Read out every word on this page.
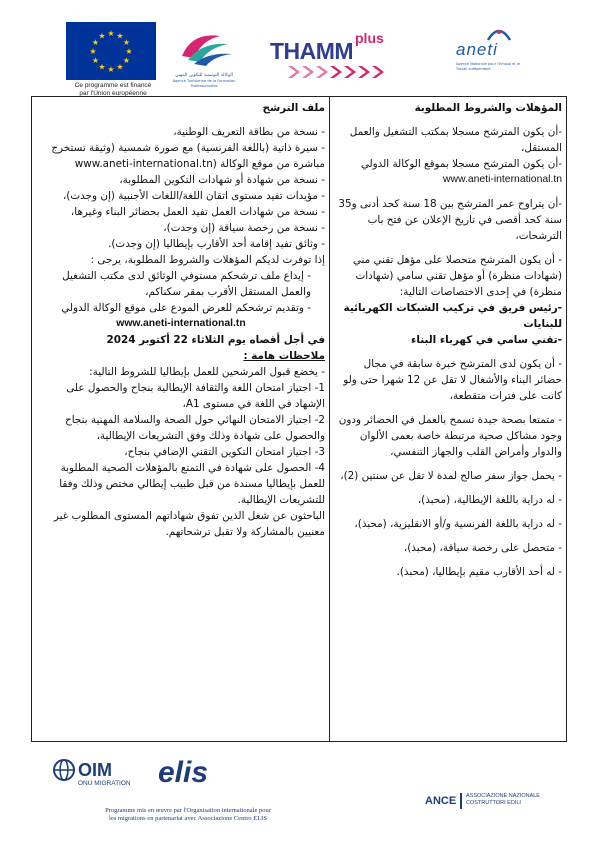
★ ★
★
★
★
★
★
★
★
★
★
★
Ce programme est financé
par l'Union européenne
الوكالة التونسية للتكوين المهني
Agence Tunisienne de la Formation Professionnelle
THAMM plus
aneti
Agence Nationale pour l'Emploi et le Travail Indépendant
المؤهلات والشروط المطلوبة
-أن يكون المترشح مسجلا بمكتب التشغيل والعمل المستقل،
-أن يكون المترشح مسجلا بموقع الوكالة الدولي
www.aneti-international.tn
-أن يتراوح عمر المترشح بين 18 سنة كحد أدنى و35 سنة كحد أقصى في تاريخ الإعلان عن فتح باب الترشحات،
- أن يكون المترشح متحصلا على مؤهل تقني مني (شهادات منظرة) أو مؤهل تقني سامي (شهادات منظرة) في إحدى الاختصاصات التالية:
-رئيس فريق في تركيب الشبكات الكهربائية للبنايات
-تقني سامي في كهرباء البناء
- أن يكون لدى المترشح خبرة سابقة في مجال حضائر البناء والأشغال لا تقل عن 12 شهرا حتى ولو كانت على فترات متقطعة،
- متمتعا بصحة جيدة تسمح بالعمل في الحضائر ودون وجود مشاكل صحية مرتبطة خاصة بعمى الألوان والدوار وأمراض القلب والجهاز التنفسي،
- يحمل جواز سفر صالح لمدة لا تقل عن سنتين (2)،
- له دراية باللغة الإيطالية، (محبذ)،
- له دراية باللغة الفرنسية و/أو الانقليزية، (محبذ)،
- متحصل على رخصة سياقة، (محبذ)،
- له أحد الأقارب مقيم بإيطاليا، (محبذ).
ملف الترشح
- نسخة من بطاقة التعريف الوطنية،
- سيرة ذاتية (باللغة الفرنسية) مع صورة شمسية (وثيقة تستخرج مباشرة من موقع الوكالة (www.aneti-international.tn
- نسخة من شهادة أو شهادات التكوين المطلوبة،
- مؤيدات تفيد مستوى اتقان اللغة/اللغات الأجنبية (إن وجدت)،
- نسخة من شهادات العمل تفيد العمل بحضائر البناء وغيرها،
- نسخة من رخصة سياقة (إن وجدت)،
- وثائق تفيد إقامة أحد الأقارب بإيطاليا (إن وجدت).
إذا توفرت لديكم المؤهلات والشروط المطلوبة، يرجى :
- إيداع ملف ترشحكم مستوفي الوثائق لدى مكتب التشغيل والعمل المستقل الأقرب بمقر سكناكم،
- وتقديم ترشحكم للعرض المودع على موقع الوكالة الدولي
www.aneti-international.tn
في أجل أقصاه يوم الثلاثاء 22 أكتوبر 2024
ملاحظات هامة :
- يخضع قبول المرشحين للعمل بإيطاليا للشروط التالية:
1- اجتياز امتحان اللغة والثقافة الإيطالية بنجاح والحصول على الإشهاد في اللغة في مستوى A1،
2- اجتياز الامتحان النهائي حول الصحة والسلامة المهنية بنجاح والحصول على شهادة وذلك وفق التشريعات الإيطالية،
3- اجتياز امتحان التكوين التقني الإضافي بنجاح،
4- الحصول على شهادة في التمتع بالمؤهلات الصحية المطلوبة للعمل بإيطاليا مسندة من قبل طبيب إيطالي مختص وذلك وفقا للتشريعات الإيطالية.
الباحثون عن شغل الذين تفوق شهاداتهم المستوى المطلوب غير معنيين بالمشاركة ولا تقبل ترشحاتهم.
OIM
ONU MIGRATION elis
Programme mis en œuvre par l'Organisation internationale pour
les migrations en partenariat avec Associazione Centro ELIS
ANCE ASSOCIAZIONE NAZIONALE
COSTRUTTORI EDILI
